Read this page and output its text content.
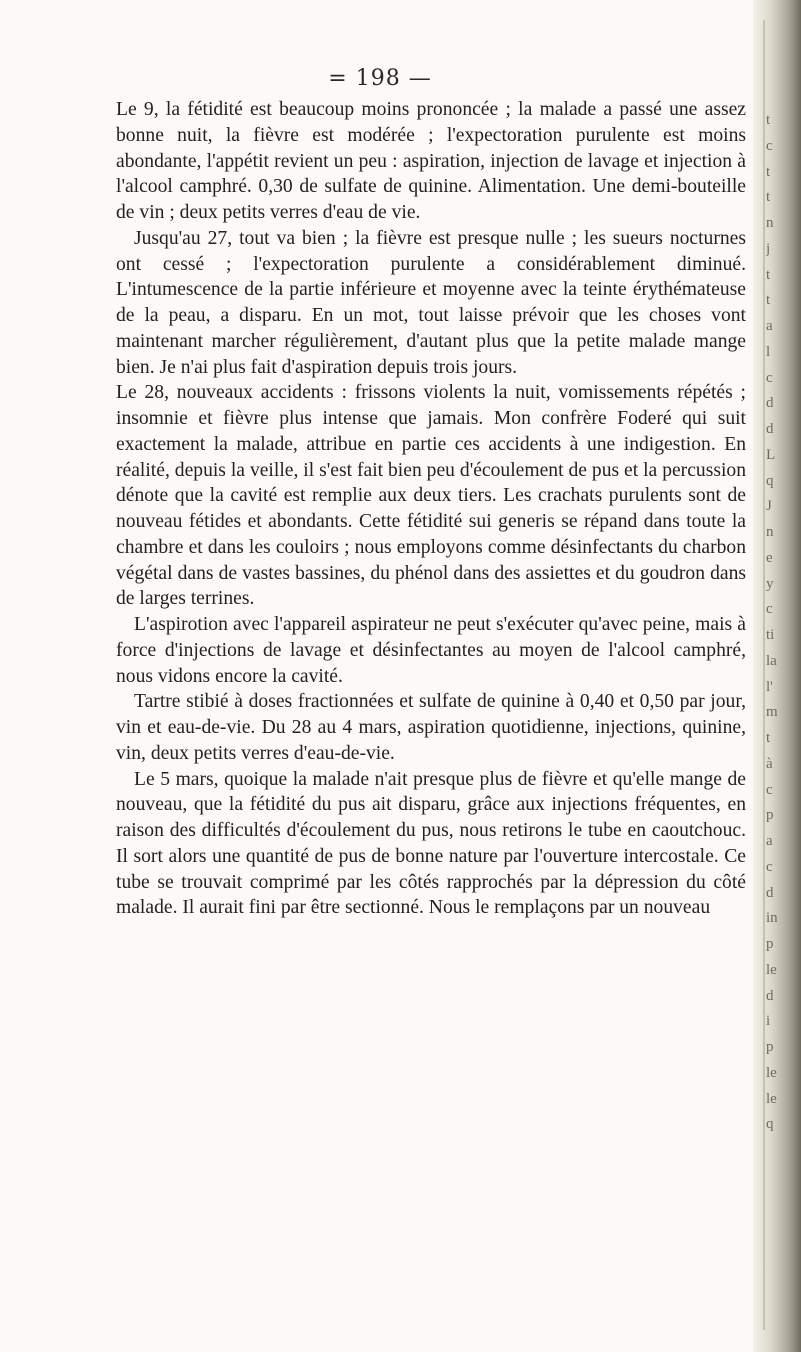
= 198 —

Le 9, la fétidité est beaucoup moins prononcée ; la malade a passé une assez bonne nuit, la fièvre est modérée ; l'expectoration purulente est moins abondante, l'appétit revient un peu : aspiration, injection de lavage et injection à l'alcool camphré. 0,30 de sulfate de quinine. Alimentation. Une demi-bouteille de vin ; deux petits verres d'eau de vie.

Jusqu'au 27, tout va bien ; la fièvre est presque nulle ; les sueurs nocturnes ont cessé ; l'expectoration purulente a considérablement diminué. L'intumescence de la partie inférieure et moyenne avec la teinte érythémateuse de la peau, a disparu. En un mot, tout laisse prévoir que les choses vont maintenant marcher régulièrement, d'autant plus que la petite malade mange bien. Je n'ai plus fait d'aspiration depuis trois jours.

Le 28, nouveaux accidents : frissons violents la nuit, vomissements répétés ; insomnie et fièvre plus intense que jamais. Mon confrère Foderé qui suit exactement la malade, attribue en partie ces accidents à une indigestion. En réalité, depuis la veille, il s'est fait bien peu d'écoulement de pus et la percussion dénote que la cavité est remplie aux deux tiers. Les crachats purulents sont de nouveau fétides et abondants. Cette fétidité sui generis se répand dans toute la chambre et dans les couloirs ; nous employons comme désinfectants du charbon végétal dans de vastes bassines, du phénol dans des assiettes et du goudron dans de larges terrines.

L'aspirotion avec l'appareil aspirateur ne peut s'exécuter qu'avec peine, mais à force d'injections de lavage et désinfectantes au moyen de l'alcool camphré, nous vidons encore la cavité.

Tartre stibié à doses fractionnées et sulfate de quinine à 0,40 et 0,50 par jour, vin et eau-de-vie. Du 28 au 4 mars, aspiration quotidienne, injections, quinine, vin, deux petits verres d'eau-de-vie.

Le 5 mars, quoique la malade n'ait presque plus de fièvre et qu'elle mange de nouveau, que la fétidité du pus ait disparu, grâce aux injections fréquentes, en raison des difficultés d'écoulement du pus, nous retirons le tube en caoutchouc. Il sort alors une quantité de pus de bonne nature par l'ouverture intercostale. Ce tube se trouvait comprimé par les côtés rapprochés par la dépression du côté malade. Il aurait fini par être sectionné. Nous le remplaçons par un nouveau

t
c
t
t
n
j
t
t
a
l
c
d
d
L
q
J
n
e
y
c
ti
la
l'
m
t
à
c
p
a
c
d
in
p
le
d
i
p
le
le
q
